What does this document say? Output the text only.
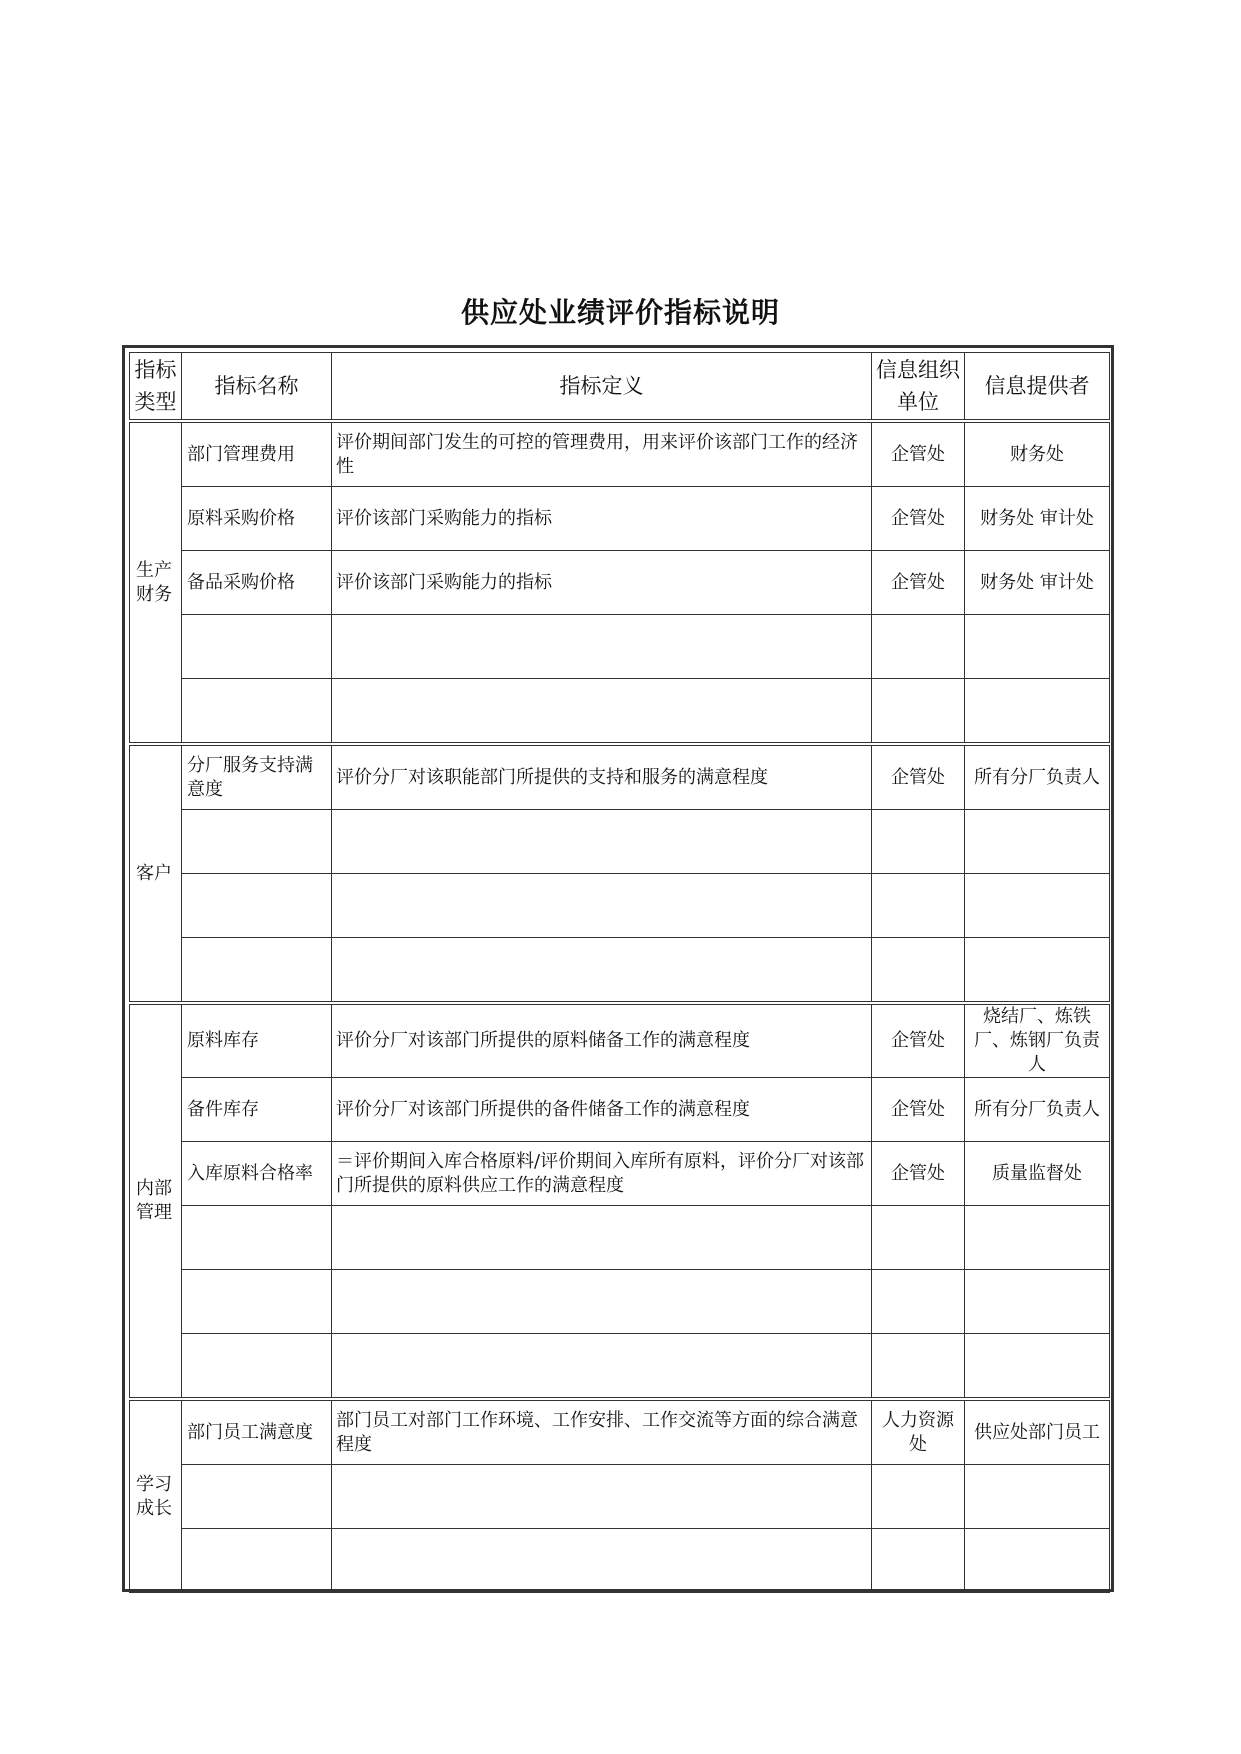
供应处业绩评价指标说明
指标类型	指标名称	指标定义	信息组织单位	信息提供者
生产财务	部门管理费用	评价期间部门发生的可控的管理费用，用来评价该部门工作的经济性	企管处	财务处
	原料采购价格	评价该部门采购能力的指标	企管处	财务处 审计处
	备品采购价格	评价该部门采购能力的指标	企管处	财务处 审计处

客户	分厂服务支持满意度	评价分厂对该职能部门所提供的支持和服务的满意程度	企管处	所有分厂负责人

内部管理	原料库存	评价分厂对该部门所提供的原料储备工作的满意程度	企管处	烧结厂、炼铁厂、炼钢厂负责人
	备件库存	评价分厂对该部门所提供的备件储备工作的满意程度	企管处	所有分厂负责人
	入库原料合格率	＝评价期间入库合格原料/评价期间入库所有原料，评价分厂对该部门所提供的原料供应工作的满意程度	企管处	质量监督处

学习成长	部门员工满意度	部门员工对部门工作环境、工作安排、工作交流等方面的综合满意程度	人力资源处	供应处部门员工
